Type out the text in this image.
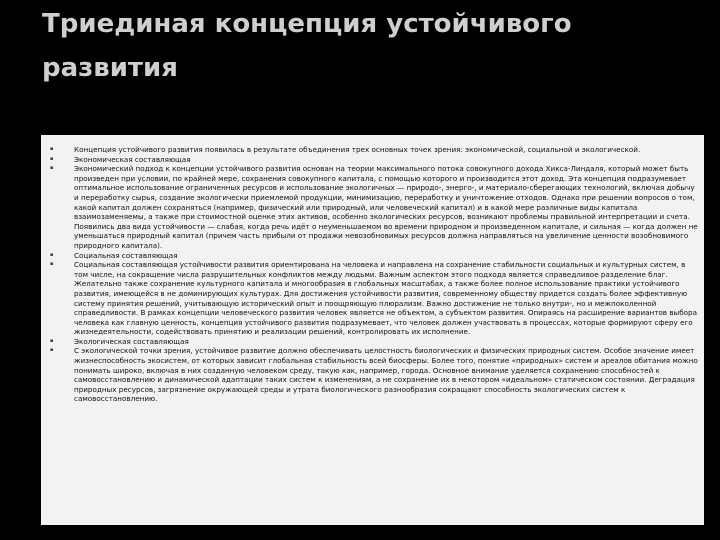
Триединая концепция устойчивого развития
▪	Концепция устойчивого развития появилась в результате объединения трех основных точек зрения: экономической, социальной и экологической.
▪	Экономическая составляющая
▪	Экономический подход к концепции устойчивого развития основан на теории максимального потока совокупного дохода Хикса-Линдаля, который может быть произведен при условии, по крайней мере, сохранения совокупного капитала, с помощью которого и производится этот доход. Эта концепция подразумевает оптимальное использование ограниченных ресурсов и использование экологичных — природо-, энерго-, и материало-сберегающих технологий, включая добычу и переработку сырья, создание экологически приемлемой продукции, минимизацию, переработку и уничтожение отходов. Однако при решении вопросов о том, какой капитал должен сохраняться (например, физический или природный, или человеческий капитал) и в какой мере различные виды капитала взаимозаменяемы, а также при стоимостной оценке этих активов, особенно экологических ресурсов, возникают проблемы правильной интерпретации и счета. Появились два вида устойчивости — слабая, когда речь идёт о неуменьшаемом во времени природном и произведенном капитале, и сильная — когда должен не уменьшаться природный капитал (причем часть прибыли от продажи невозобновимых ресурсов должна направляться на увеличение ценности возобновимого природного капитала).
▪	Социальная составляющая
▪	Социальная составляющая устойчивости развития ориентирована на человека и направлена на сохранение стабильности социальных и культурных систем, в том числе, на сокращение числа разрушительных конфликтов между людьми. Важным аспектом этого подхода является справедливое разделение благ. Желательно также сохранение культурного капитала и многообразия в глобальных масштабах, а также более полное использование практики устойчивого развития, имеющейся в не доминирующих культурах. Для достижения устойчивости развития, современному обществу придется создать более эффективную систему принятия решений, учитывающую исторический опыт и поощряющую плюрализм. Важно достижение не только внутри-, но и межпоколенной справедливости. В рамках концепции человеческого развития человек является не объектом, а субъектом развития. Опираясь на расширение вариантов выбора человека как главную ценность, концепция устойчивого развития подразумевает, что человек должен участвовать в процессах, которые формируют сферу его жизнедеятельности, содействовать принятию и реализации решений, контролировать их исполнение.
▪	Экологическая составляющая
▪	С экологической точки зрения, устойчивое развитие должно обеспечивать целостность биологических и физических природных систем. Особое значение имеет жизнеспособность экосистем, от которых зависит глобальная стабильность всей биосферы. Более того, понятие «природных» систем и ареалов обитания можно понимать широко, включая в них созданную человеком среду, такую как, например, города. Основное внимание уделяется сохранению способностей к самовосстановлению и динамической адаптации таких систем к изменениям, а не сохранение их в некотором «идеальном» статическом состоянии. Деградация природных ресурсов, загрязнение окружающей среды и утрата биологического разнообразия сокращают способность экологических систем к самовосстановлению.
